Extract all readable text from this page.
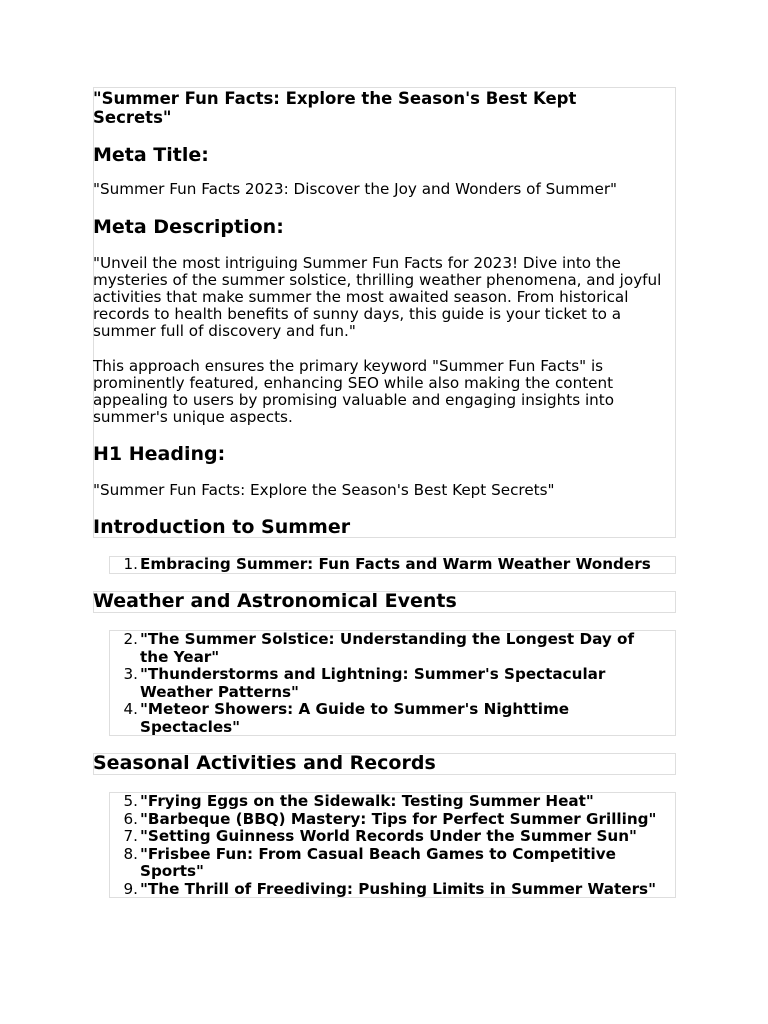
"Summer Fun Facts: Explore the Season's Best Kept Secrets"
Meta Title:
"Summer Fun Facts 2023: Discover the Joy and Wonders of Summer"
Meta Description:
"Unveil the most intriguing Summer Fun Facts for 2023! Dive into the
mysteries of the summer solstice, thrilling weather phenomena, and joyful
activities that make summer the most awaited season. From historical
records to health benefits of sunny days, this guide is your ticket to a
summer full of discovery and fun."
This approach ensures the primary keyword "Summer Fun Facts" is
prominently featured, enhancing SEO while also making the content
appealing to users by promising valuable and engaging insights into
summer's unique aspects.
H1 Heading:
"Summer Fun Facts: Explore the Season's Best Kept Secrets"
Introduction to Summer
1. Embracing Summer: Fun Facts and Warm Weather Wonders
Weather and Astronomical Events
2. "The Summer Solstice: Understanding the Longest Day of
the Year"
3. "Thunderstorms and Lightning: Summer's Spectacular
Weather Patterns"
4. "Meteor Showers: A Guide to Summer's Nighttime
Spectacles"
Seasonal Activities and Records
5. "Frying Eggs on the Sidewalk: Testing Summer Heat"
6. "Barbeque (BBQ) Mastery: Tips for Perfect Summer Grilling"
7. "Setting Guinness World Records Under the Summer Sun"
8. "Frisbee Fun: From Casual Beach Games to Competitive
Sports"
9. "The Thrill of Freediving: Pushing Limits in Summer Waters"
